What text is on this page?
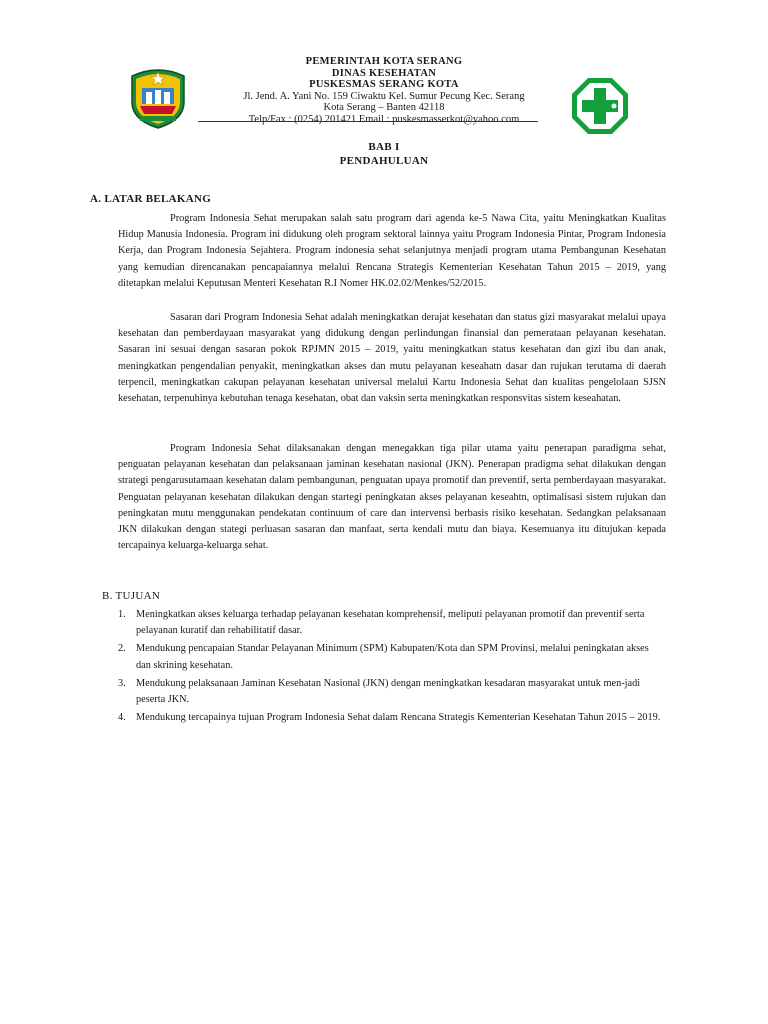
PEMERINTAH KOTA SERANG
DINAS KESEHATAN
PUSKESMAS SERANG KOTA
Jl. Jend. A. Yani No. 159 Ciwaktu Kel. Sumur Pecung Kec. Serang
Kota Serang – Banten 42118
Telp/Fax : (0254) 201421 Email : puskesmasserkot@yahoo.com
BAB I
PENDAHULUAN
A. LATAR BELAKANG

Program Indonesia Sehat merupakan salah satu program dari agenda ke-5 Nawa Cita, yaitu Meningkatkan Kualitas Hidup Manusia Indonesia. Program ini didukung oleh program sektoral lainnya yaitu Program Indonesia Pintar, Program Indonesia Kerja, dan Program Indonesia Sejahtera. Program indonesia sehat selanjutnya menjadi program utama Pembangunan Kesehatan yang kemudian direncanakan pencapaiannya melalui Rencana Strategis Kementerian Kesehatan Tahun 2015 – 2019, yang ditetapkan melalui Keputusan Menteri Kesehatan R.I Nomer HK.02.02/Menkes/52/2015.

Sasaran dari Program Indonesia Sehat adalah meningkatkan derajat kesehatan dan status gizi masyarakat melalui upaya kesehatan dan pemberdayaan masyarakat yang didukung dengan perlindungan finansial dan pemerataan pelayanan kesehatan. Sasaran ini sesuai dengan sasaran pokok RPJMN 2015 – 2019, yaitu meningkatkan status kesehatan dan gizi ibu dan anak, meningkatkan pengendalian penyakit, meningkatkan akses dan mutu pelayanan keseahatn dasar dan rujukan terutama di daerah terpencil, meningkatkan cakupan pelayanan kesehatan universal melalui Kartu Indonesia Sehat dan kualitas pengelolaan SJSN kesehatan, terpenuhinya kebutuhan tenaga kesehatan, obat dan vaksin serta meningkatkan responsvitas sistem keseahatan.

Program Indonesia Sehat dilaksanakan dengan menegakkan tiga pilar utama yaitu penerapan paradigma sehat, penguatan pelayanan kesehatan dan pelaksanaan jaminan kesehatan nasional (JKN). Penerapan pradigma sehat dilakukan dengan strategi pengarusutamaan kesehatan dalam pembangunan, penguatan upaya promotif dan preventif, serta pemberdayaan masyarakat. Penguatan pelayanan kesehatan dilakukan dengan startegi peningkatan akses pelayanan keseahtn, optimalisasi sistem rujukan dan peningkatan mutu menggunakan pendekatan continuum of care dan intervensi berbasis risiko kesehatan. Sedangkan pelaksanaan JKN dilakukan dengan stategi perluasan sasaran dan manfaat, serta kendali mutu dan biaya. Kesemuanya itu ditujukan kepada tercapainya keluarga-keluarga sehat.

B. TUJUAN
1. Meningkatkan akses keluarga terhadap pelayanan kesehatan komprehensif, meliputi pelayanan promotif dan preventif serta pelayanan kuratif dan rehabilitatif dasar.
2. Mendukung pencapaian Standar Pelayanan Minimum (SPM) Kabupaten/Kota dan SPM Provinsi, melalui peningkatan akses dan skrining kesehatan.
3. Mendukung pelaksanaan Jaminan Kesehatan Nasional (JKN) dengan meningkatkan kesadaran masyarakat untuk men-jadi peserta JKN.
4. Mendukung tercapainya tujuan Program Indonesia Sehat dalam Rencana Strategis Kementerian Kesehatan Tahun 2015 – 2019.
